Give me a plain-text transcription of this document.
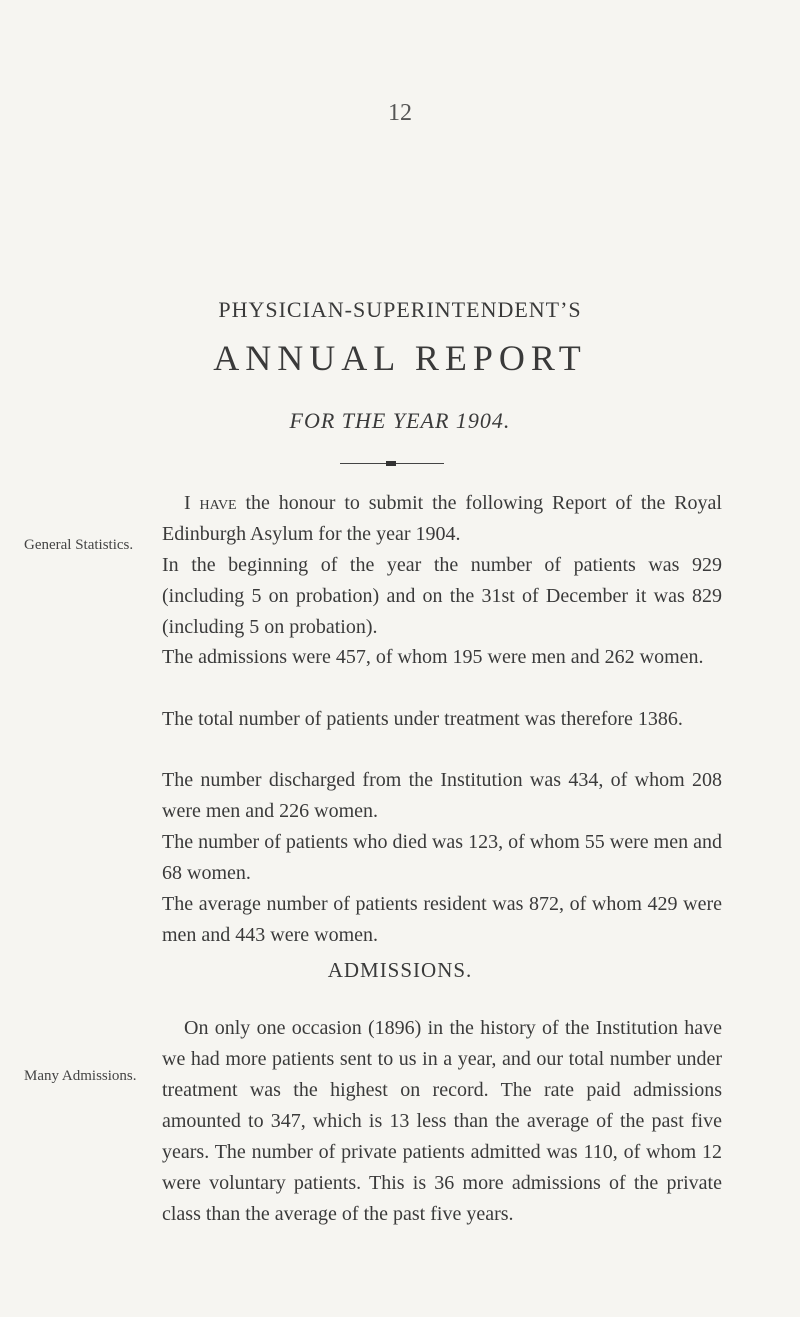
12
PHYSICIAN-SUPERINTENDENT’S
ANNUAL REPORT
FOR THE YEAR 1904.
General Statistics.

I have the honour to submit the following Report of the Royal Edinburgh Asylum for the year 1904.

In the beginning of the year the number of patients was 929 (including 5 on probation) and on the 31st of December it was 829 (including 5 on probation).

The admissions were 457, of whom 195 were men and 262 women.

The total number of patients under treatment was therefore 1386.

The number discharged from the Institution was 434, of whom 208 were men and 226 women.

The number of patients who died was 123, of whom 55 were men and 68 women.

The average number of patients resident was 872, of whom 429 were men and 443 were women.

ADMISSIONS.
Many Admissions.

On only one occasion (1896) in the history of the Institution have we had more patients sent to us in a year, and our total number under treatment was the highest on record. The rate paid admissions amounted to 347, which is 13 less than the average of the past five years. The number of private patients admitted was 110, of whom 12 were voluntary patients. This is 36 more admissions of the private class than the average of the past five years.
